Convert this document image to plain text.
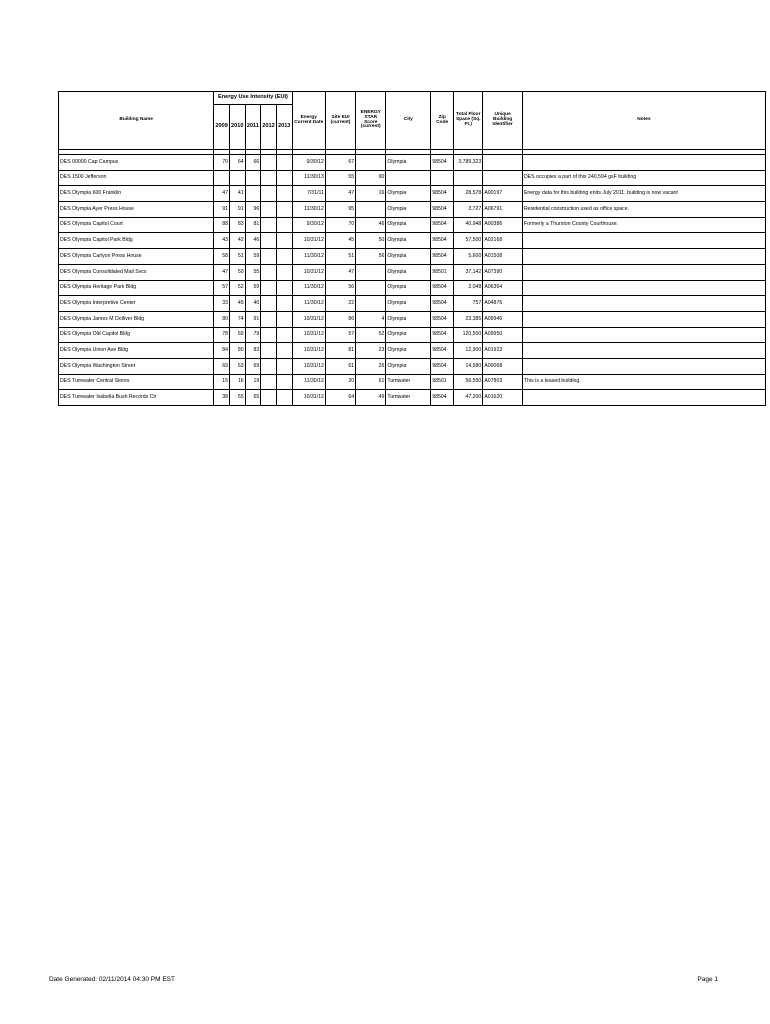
Building Name	Energy Use Intensity (EUI)					Energy Current Date	Site EUI (current)	ENERGY STAR Score (current)	City	Zip Code	Total Floor Space (Sq. Ft.)	Unique Building Identifier	Notes
	2009	2010	2011	2012	2013								

DES 00000 Cap Campus	70	64	66			9/30/12	67		Olympia	98504	3,789,323		
DES 1500 Jefferson						11/30/13	55	90					DES occupies a part of this 240,594 gsF building
DES Olympia 600 Franklin	47	41				7/31/11	47	16	Olympia	98504	28,578	A00197	Energy data for this building ends July 2011. building is now vacant
DES Olympia Ayer Press House	91	91	96			11/30/12	95		Olympia	98504	3,727	A06791	Residential construction used as office space.
DES Olympia Capitol Court	88	83	81			9/30/12	70	46	Olympia	98504	40,948	A00386	Formerly a Thurston County Courthouse.
DES Olympia Capitol Park Bldg	43	42	46			10/31/12	45	50	Olympia	98504	57,500	A02168	
DES Olympia Carlyon Press House	58	51	59			11/30/12	51	56	Olympia	98504	5,600	A01508	
DES Olympia Consolidated Mail Svcs	47	50	55			10/31/12	47		Olympia	98501	37,142	A07390	
DES Olympia Heritage Park Bldg	57	52	59			11/30/12	56		Olympia	98504	2,048	A06364	
DES Olympia Interpretive Center	33	45	40			11/30/12	22		Olympia	98504	757	A04876	
DES Olympia James M Dolliver Bldg	80	74	91			10/31/12	86	4	Olympia	98504	23,385	A09946	
DES Olympia Old Capitol Bldg	78	69	79			10/31/12	57	52	Olympia	98504	120,500	A09950	
DES Olympia Union Ave Bldg	84	80	83			10/31/12	81	23	Olympia	98504	12,900	A01923	
DES Olympia Washington Street	69	63	69			10/31/12	61	26	Olympia	98504	14,580	A00068	
DES Tumwater Central Stores	15	16	19			11/30/12	20	61	Tumwater	98501	56,550	A07803	This is a leased building.
DES Tumwater Isabella Bush Records Ctr	38	55	65			10/31/12	64	49	Tumwater	98504	47,200	A01620	
Date Generated: 02/11/2014 04:30 PM EST	Page 1
